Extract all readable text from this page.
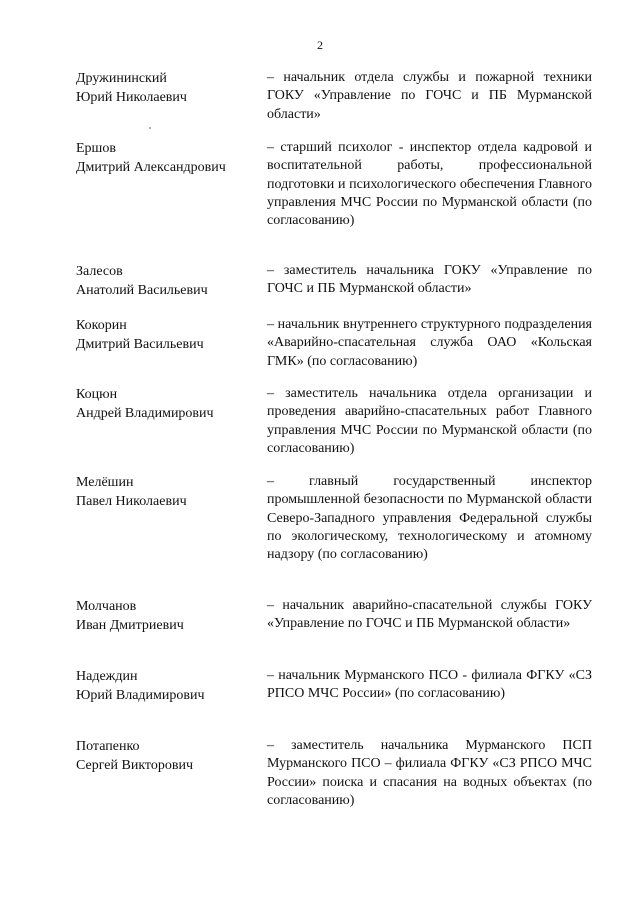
2
Дружининский
Юрий Николаевич
– начальник отдела службы и пожарной техники ГОКУ «Управление по ГОЧС и ПБ Мурманской области»
Ершов
Дмитрий Александрович
– старший психолог - инспектор отдела кадровой и воспитательной работы, профессиональной подготовки и психологического обеспечения Главного управления МЧС России по Мурманской области (по согласованию)
Залесов
Анатолий Васильевич
– заместитель начальника ГОКУ «Управление по ГОЧС и ПБ Мурманской области»
Кокорин
Дмитрий Васильевич
– начальник внутреннего структурного подразделения «Аварийно-спасательная служба ОАО «Кольская ГМК» (по согласованию)
Коцюн
Андрей Владимирович
– заместитель начальника отдела организации и проведения аварийно-спасательных работ Главного управления МЧС России по Мурманской области (по согласованию)
Мелёшин
Павел Николаевич
– главный государственный инспектор промышленной безопасности по Мурманской области Северо-Западного управления Федеральной службы по экологическому, технологическому и атомному надзору (по согласованию)
Молчанов
Иван Дмитриевич
– начальник аварийно-спасательной службы ГОКУ «Управление по ГОЧС и ПБ Мурманской области»
Надеждин
Юрий Владимирович
– начальник Мурманского ПСО - филиала ФГКУ «СЗ РПСО МЧС России» (по согласованию)
Потапенко
Сергей Викторович
– заместитель начальника Мурманского ПСП Мурманского ПСО – филиала ФГКУ «СЗ РПСО МЧС России» поиска и спасания на водных объектах (по согласованию)
